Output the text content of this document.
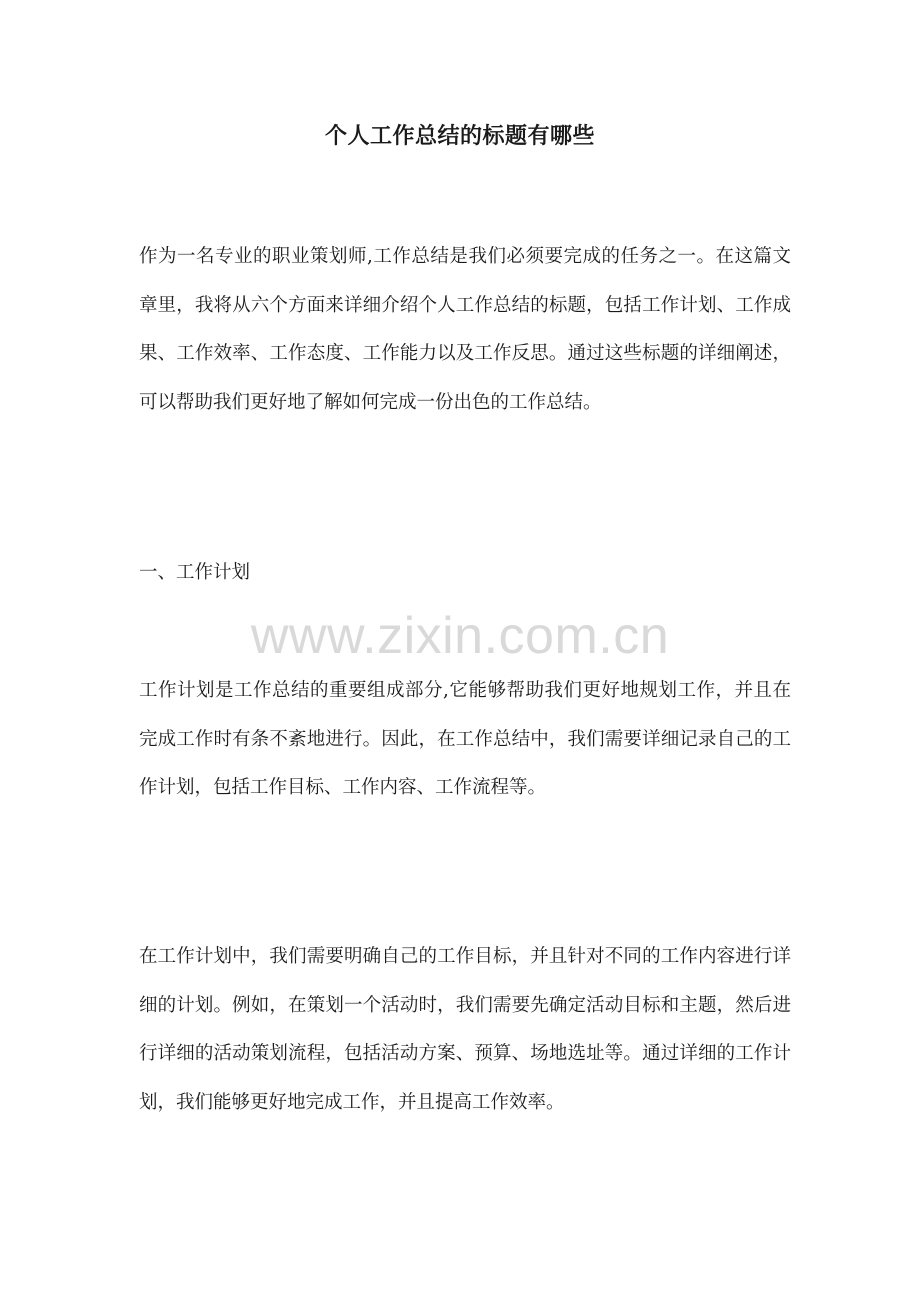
个人工作总结的标题有哪些

作为一名专业的职业策划师,工作总结是我们必须要完成的任务之一。在这篇文章里，我将从六个方面来详细介绍个人工作总结的标题，包括工作计划、工作成果、工作效率、工作态度、工作能力以及工作反思。通过这些标题的详细阐述，可以帮助我们更好地了解如何完成一份出色的工作总结。

一、工作计划

www.zixin.com.cn

工作计划是工作总结的重要组成部分,它能够帮助我们更好地规划工作，并且在完成工作时有条不紊地进行。因此，在工作总结中，我们需要详细记录自己的工作计划，包括工作目标、工作内容、工作流程等。

在工作计划中，我们需要明确自己的工作目标，并且针对不同的工作内容进行详细的计划。例如，在策划一个活动时，我们需要先确定活动目标和主题，然后进行详细的活动策划流程，包括活动方案、预算、场地选址等。通过详细的工作计划，我们能够更好地完成工作，并且提高工作效率。
